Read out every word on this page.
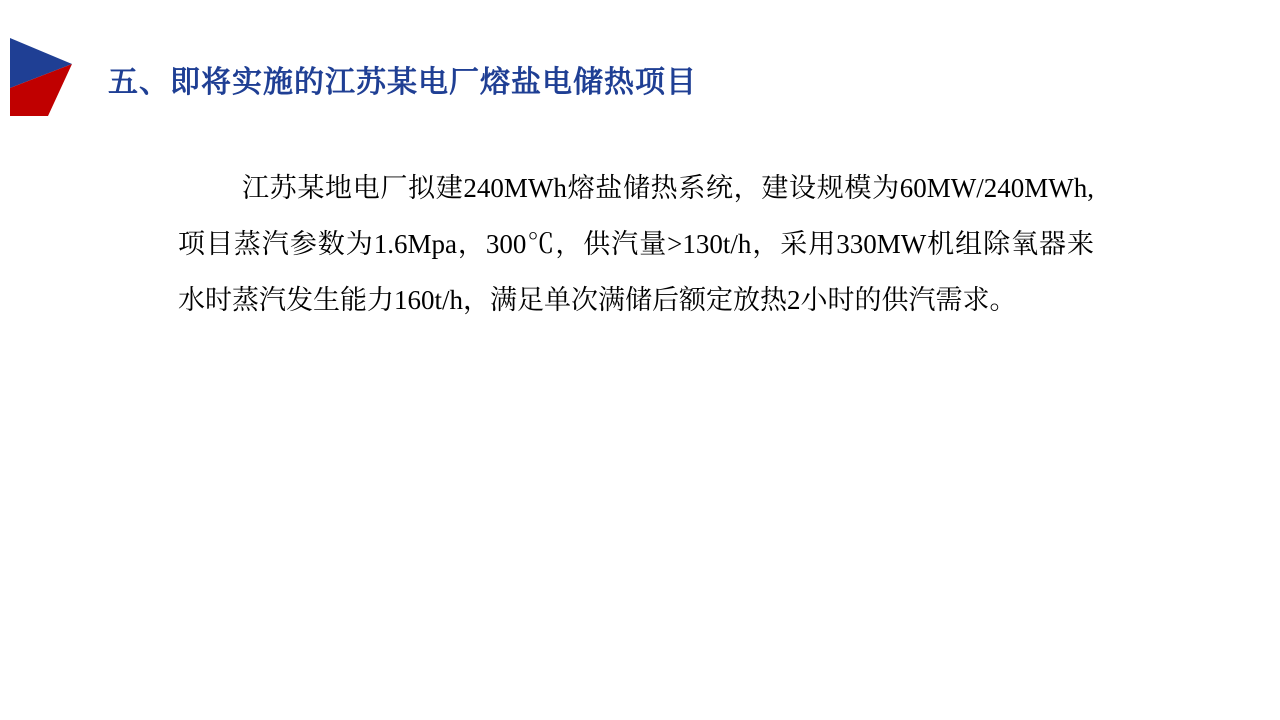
五、即将实施的江苏某电厂熔盐电储热项目

江苏某地电厂拟建240MWh熔盐储热系统，建设规模为60MW/240MWh,项目蒸汽参数为1.6Mpa，300℃，供汽量>130t/h，采用330MW机组除氧器来水时蒸汽发生能力160t/h，满足单次满储后额定放热2小时的供汽需求。
